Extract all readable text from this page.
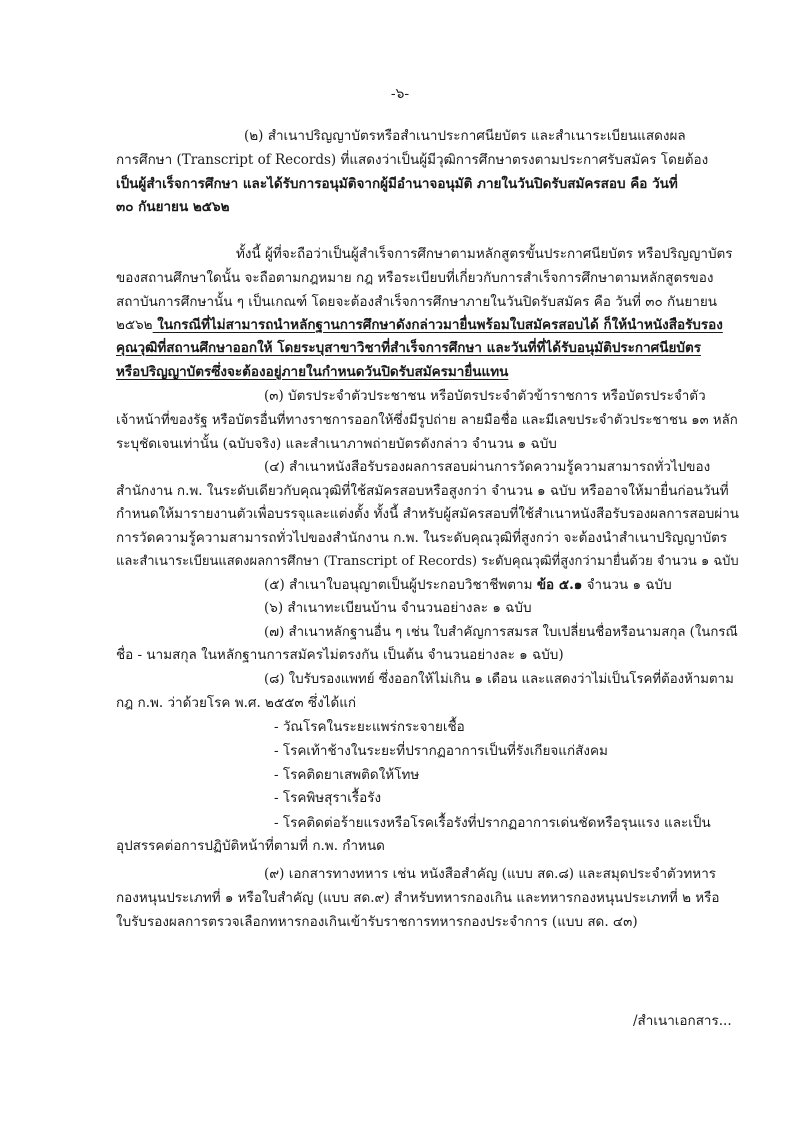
-๖-
(๒) สำเนาปริญญาบัตรหรือสำเนาประกาศนียบัตร และสำเนาระเบียนแสดงผล
การศึกษา (Transcript of Records) ที่แสดงว่าเป็นผู้มีวุฒิการศึกษาตรงตามประกาศรับสมัคร โดยต้อง
เป็นผู้สำเร็จการศึกษา และได้รับการอนุมัติจากผู้มีอำนาจอนุมัติ ภายในวันปิดรับสมัครสอบ คือ วันที่
๓๐ กันยายน ๒๕๖๒
ทั้งนี้ ผู้ที่จะถือว่าเป็นผู้สำเร็จการศึกษาตามหลักสูตรขั้นประกาศนียบัตร หรือปริญญาบัตร
ของสถานศึกษาใดนั้น จะถือตามกฎหมาย กฎ หรือระเบียบที่เกี่ยวกับการสำเร็จการศึกษาตามหลักสูตรของ
สถาบันการศึกษานั้น ๆ เป็นเกณฑ์ โดยจะต้องสำเร็จการศึกษาภายในวันปิดรับสมัคร คือ วันที่ ๓๐ กันยายน
๒๕๖๒ ในกรณีที่ไม่สามารถนำหลักฐานการศึกษาดังกล่าวมายื่นพร้อมใบสมัครสอบได้ ก็ให้นำหนังสือรับรอง
คุณวุฒิที่สถานศึกษาออกให้ โดยระบุสาขาวิชาที่สำเร็จการศึกษา และวันที่ที่ได้รับอนุมัติประกาศนียบัตร
หรือปริญญาบัตรซึ่งจะต้องอยู่ภายในกำหนดวันปิดรับสมัครมายื่นแทน
(๓) บัตรประจำตัวประชาชน หรือบัตรประจำตัวข้าราชการ หรือบัตรประจำตัว
เจ้าหน้าที่ของรัฐ หรือบัตรอื่นที่ทางราชการออกให้ซึ่งมีรูปถ่าย ลายมือชื่อ และมีเลขประจำตัวประชาชน ๑๓ หลัก
ระบุชัดเจนเท่านั้น (ฉบับจริง) และสำเนาภาพถ่ายบัตรดังกล่าว จำนวน ๑ ฉบับ
(๔) สำเนาหนังสือรับรองผลการสอบผ่านการวัดความรู้ความสามารถทั่วไปของ
สำนักงาน ก.พ. ในระดับเดียวกับคุณวุฒิที่ใช้สมัครสอบหรือสูงกว่า จำนวน ๑ ฉบับ หรืออาจให้มายื่นก่อนวันที่
กำหนดให้มารายงานตัวเพื่อบรรจุและแต่งตั้ง ทั้งนี้ สำหรับผู้สมัครสอบที่ใช้สำเนาหนังสือรับรองผลการสอบผ่าน
การวัดความรู้ความสามารถทั่วไปของสำนักงาน ก.พ. ในระดับคุณวุฒิที่สูงกว่า จะต้องนำสำเนาปริญญาบัตร
และสำเนาระเบียนแสดงผลการศึกษา (Transcript of Records) ระดับคุณวุฒิที่สูงกว่ามายื่นด้วย จำนวน ๑ ฉบับ
(๕) สำเนาใบอนุญาตเป็นผู้ประกอบวิชาชีพตาม ข้อ ๕.๑ จำนวน ๑ ฉบับ
(๖) สำเนาทะเบียนบ้าน จำนวนอย่างละ ๑ ฉบับ
(๗) สำเนาหลักฐานอื่น ๆ เช่น ใบสำคัญการสมรส ใบเปลี่ยนชื่อหรือนามสกุล (ในกรณี
ชื่อ - นามสกุล ในหลักฐานการสมัครไม่ตรงกัน เป็นต้น จำนวนอย่างละ ๑ ฉบับ)
(๘) ใบรับรองแพทย์ ซึ่งออกให้ไม่เกิน ๑ เดือน และแสดงว่าไม่เป็นโรคที่ต้องห้ามตาม
กฎ ก.พ. ว่าด้วยโรค พ.ศ. ๒๕๕๓ ซึ่งได้แก่
- วัณโรคในระยะแพร่กระจายเชื้อ
- โรคเท้าช้างในระยะที่ปรากฏอาการเป็นที่รังเกียจแก่สังคม
- โรคติดยาเสพติดให้โทษ
- โรคพิษสุราเรื้อรัง
- โรคติดต่อร้ายแรงหรือโรคเรื้อรังที่ปรากฏอาการเด่นชัดหรือรุนแรง และเป็น
อุปสรรคต่อการปฏิบัติหน้าที่ตามที่ ก.พ. กำหนด
(๙) เอกสารทางทหาร เช่น หนังสือสำคัญ (แบบ สด.๘) และสมุดประจำตัวทหาร
กองหนุนประเภทที่ ๑ หรือใบสำคัญ (แบบ สด.๙) สำหรับทหารกองเกิน และทหารกองหนุนประเภทที่ ๒ หรือ
ใบรับรองผลการตรวจเลือกทหารกองเกินเข้ารับราชการทหารกองประจำการ (แบบ สด. ๔๓)
/สำเนาเอกสาร...
